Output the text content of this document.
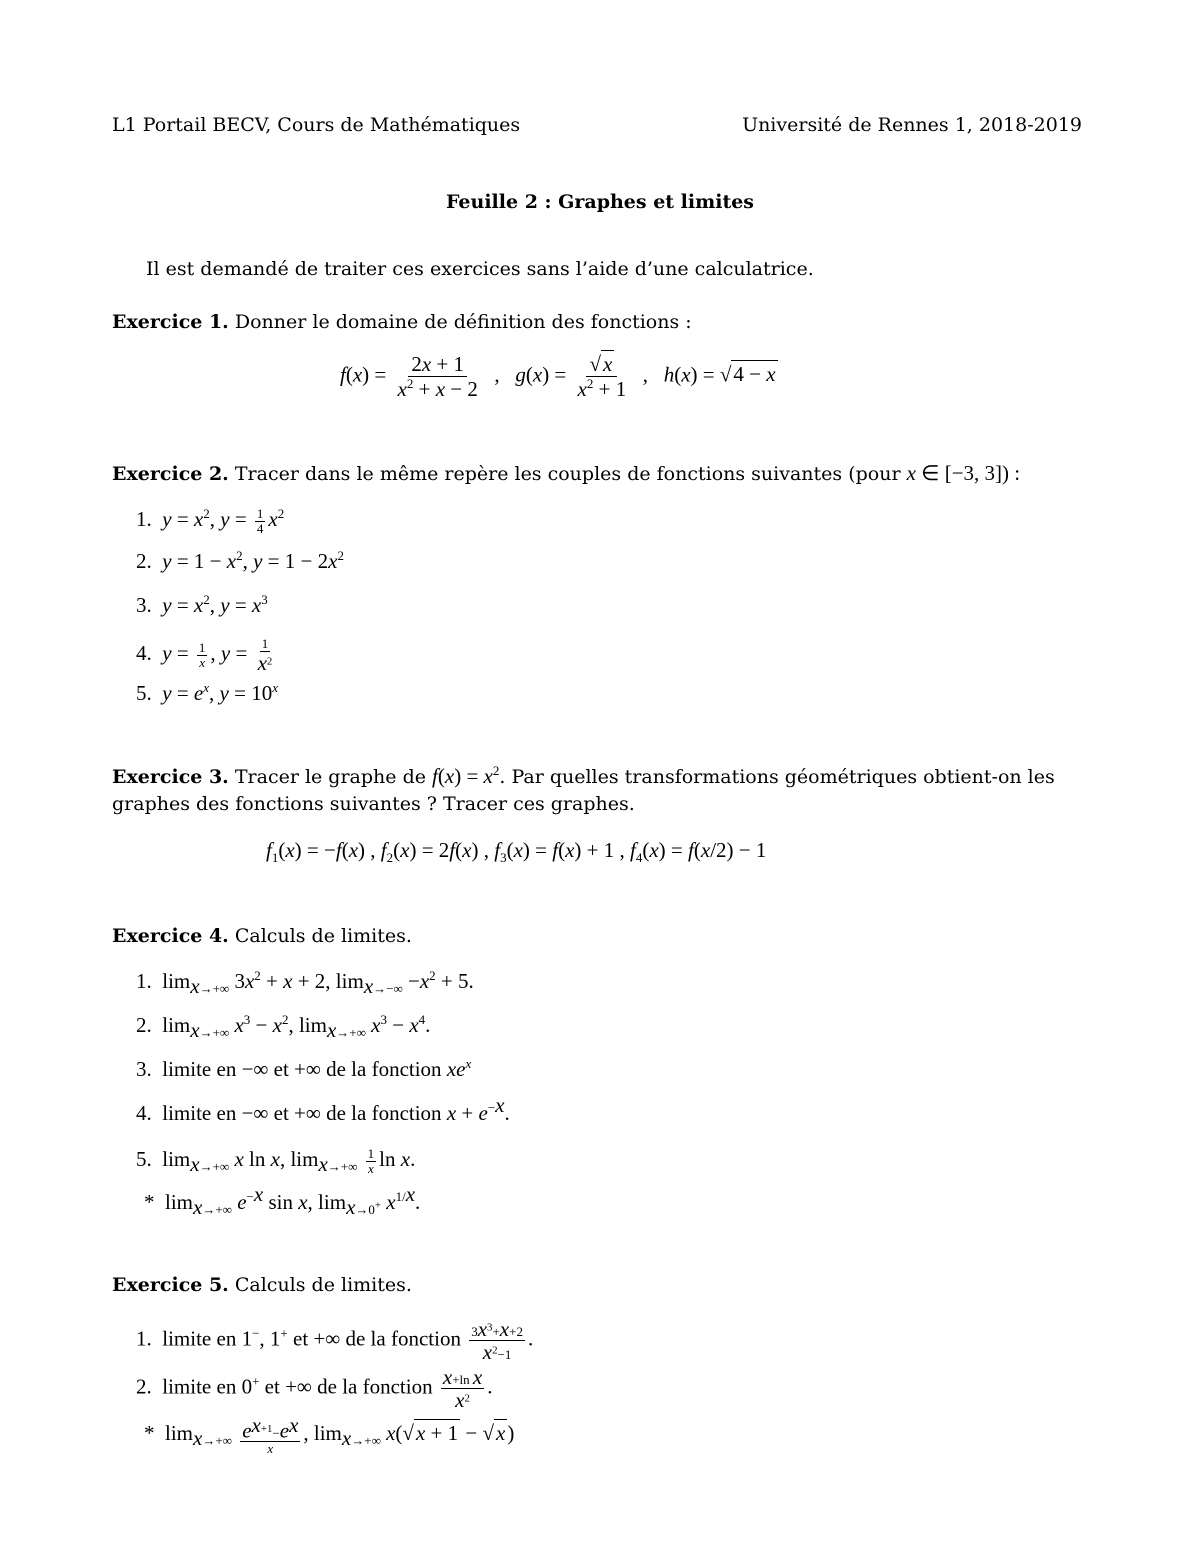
L1 Portail BECV, Cours de Mathématiques	Université de Rennes 1, 2018-2019
Feuille 2 : Graphes et limites
Il est demandé de traiter ces exercices sans l’aide d’une calculatrice.
Exercice 1. Donner le domaine de définition des fonctions :
$f(x) = \frac{2x + 1}{x^2 + x - 2}$ ,   $g(x) = \frac{√x}{x^2 + 1}$ ,   h(x) = √4 − x
Exercice 2. Tracer dans le même repère les couples de fonctions suivantes (pour x ∈ [−3, 3]) :
1. $y = x^2$, $y = \frac{1}{4} x^2$
2. $y = 1 - x^2$, $y = 1 - 2x^2$
3. $y = x^2$, $y = x^3$
4. $y = \frac{1}{x}$ , $y = \frac{1}{x^2}$
5. $y = e^x$, $y = 10^x$
Exercice 3. Tracer le graphe de $f(x) = x^2$. Par quelles transformations géométriques obtient-on les
graphes des fonctions suivantes ? Tracer ces graphes.
$f_1(x) = -f(x)$ , $f_2(x) = 2f(x)$ , $f_3(x) = f(x) + 1$ , $f_4(x) = f(x/2) - 1$
Exercice 4. Calculs de limites.
1.  $\lim_{x\to+\infty} 3x^2 + x + 2$, $\lim_{x\to-\infty} -x^2 + 5$.
2.  $\lim_{x\to+\infty} x^3 - x^2$, $\lim_{x\to+\infty} x^3 - x^4$.
3. limite en −∞ et +∞ de la fonction $xe^x$
4. limite en −∞ et +∞ de la fonction $x + e^{-x}$.
5.  $\lim_{x\to+\infty} x$ ln x, $\lim_{x\to+\infty} \frac{1}{x}$ ln x.
*  $\lim_{x\to+\infty} e^{-x}$ sin x, $\lim_{x\to 0^+} x^{1/x}$.
Exercice 5. Calculs de limites.
1. limite en 1−, 1+ et +∞ de la fonction $\frac{3x^3+x+2}{x^2-1}$ .
2. limite en 0+ et +∞ de la fonction $\frac{\text{x+ln x}}{x^2}$ .
*  $\lim_{x\to+\infty} \frac{e^{x+1}-e^x}{x}$ , $\lim_{x\to+\infty} x(√x + 1 - √x)$
